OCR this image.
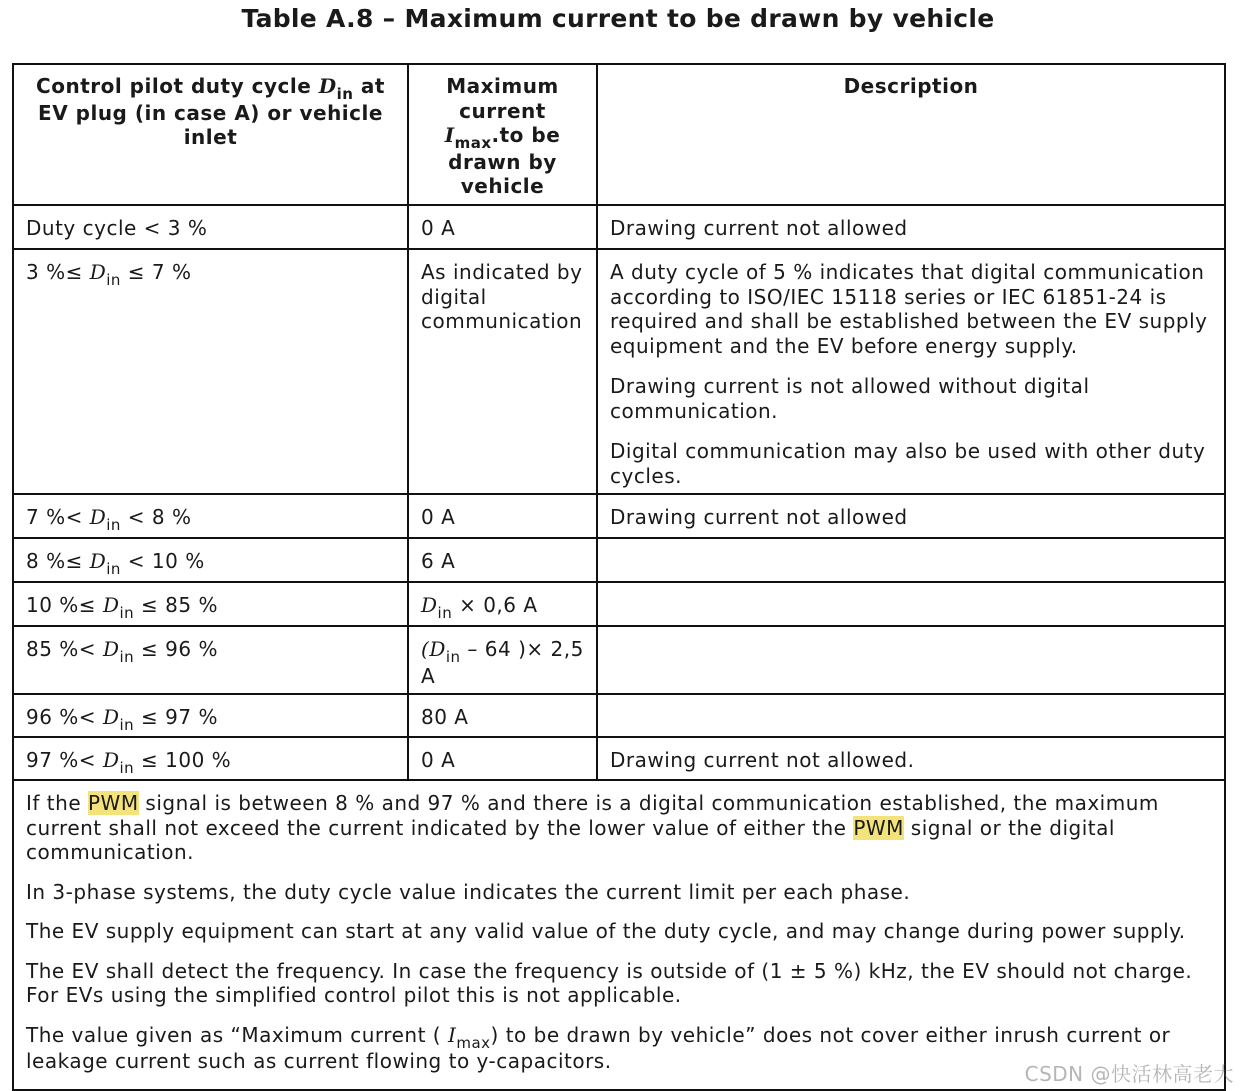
Table A.8 – Maximum current to be drawn by vehicle
Control pilot duty cycle $D_{in}$ at EV plug (in case A) or vehicle inlet	Maximum current $I_{max}.to$ be drawn by vehicle	Description

Duty cycle < 3 %	0 A	Drawing current not allowed

3 %≤ $D_{in} \le 7$ %	As indicated by digital communication	A duty cycle of 5 % indicates that digital communication according to ISO/IEC 15118 series or IEC 61851-24 is required and shall be established between the EV supply equipment and the EV before energy supply.

Drawing current is not allowed without digital communication.

Digital communication may also be used with other duty cycles.

7 %< $D_{in} < 8$ %	0 A	Drawing current not allowed

8 %≤ $D_{in} < 10$ %	6 A	

10 %≤ $D_{in} \le 85$ %	$D_{in} \times 0,6$ A	

85 %< $D_{in} \le 96$ %	($D_{in} - 64$ )× 2,5 A	

96 %< $D_{in} \le 97$ %	80 A	

97 %< $D_{in} \le 100$ %	0 A	Drawing current not allowed.

If the PWM signal is between 8 % and 97 % and there is a digital communication established, the maximum current shall not exceed the current indicated by the lower value of either the PWM signal or the digital communication.

In 3-phase systems, the duty cycle value indicates the current limit per each phase.

The EV supply equipment can start at any valid value of the duty cycle, and may change during power supply.

The EV shall detect the frequency. In case the frequency is outside of (1 ± 5 %) kHz, the EV should not charge. For EVs using the simplified control pilot this is not applicable.

The value given as “Maximum current ( $I_{max}$) to be drawn by vehicle” does not cover either inrush current or leakage current such as current flowing to y-capacitors.		

CSDN @快活林高老大
